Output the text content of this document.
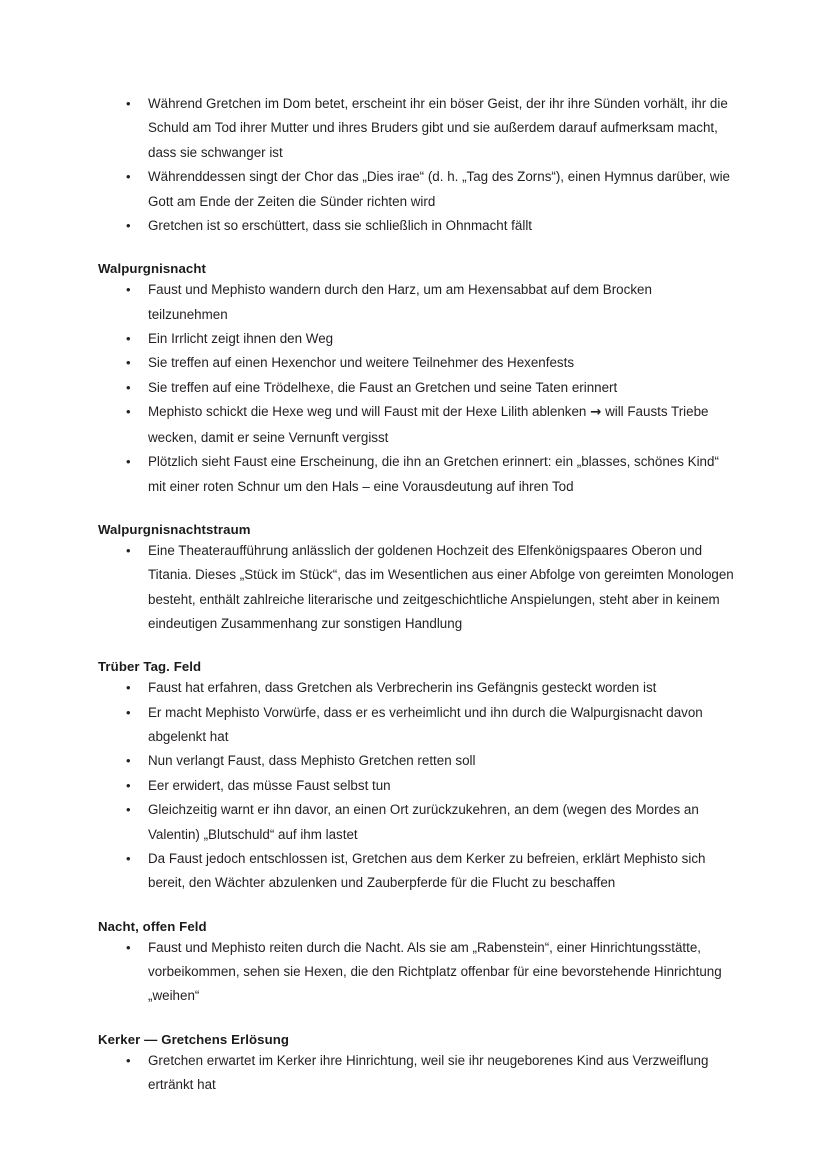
• Während Gretchen im Dom betet, erscheint ihr ein böser Geist, der ihr ihre Sünden vorhält, ihr die Schuld am Tod ihrer Mutter und ihres Bruders gibt und sie außerdem darauf aufmerksam macht, dass sie schwanger ist
• Währenddessen singt der Chor das „Dies irae“ (d. h. „Tag des Zorns“), einen Hymnus darüber, wie Gott am Ende der Zeiten die Sünder richten wird
• Gretchen ist so erschüttert, dass sie schließlich in Ohnmacht fällt
Walpurgnisnacht
• Faust und Mephisto wandern durch den Harz, um am Hexensabbat auf dem Brocken teilzunehmen
• Ein Irrlicht zeigt ihnen den Weg
• Sie treffen auf einen Hexenchor und weitere Teilnehmer des Hexenfests
• Sie treffen auf eine Trödelhexe, die Faust an Gretchen und seine Taten erinnert
• Mephisto schickt die Hexe weg und will Faust mit der Hexe Lilith ablenken → will Fausts Triebe wecken, damit er seine Vernunft vergisst
• Plötzlich sieht Faust eine Erscheinung, die ihn an Gretchen erinnert: ein „blasses, schönes Kind“ mit einer roten Schnur um den Hals – eine Vorausdeutung auf ihren Tod
Walpurgnisnachtstraum
• Eine Theateraufführung anlässlich der goldenen Hochzeit des Elfenkönigspaares Oberon und Titania. Dieses „Stück im Stück“, das im Wesentlichen aus einer Abfolge von gereimten Monologen besteht, enthält zahlreiche literarische und zeitgeschichtliche Anspielungen, steht aber in keinem eindeutigen Zusammenhang zur sonstigen Handlung
Trüber Tag. Feld
• Faust hat erfahren, dass Gretchen als Verbrecherin ins Gefängnis gesteckt worden ist
• Er macht Mephisto Vorwürfe, dass er es verheimlicht und ihn durch die Walpurgisnacht davon abgelenkt hat
• Nun verlangt Faust, dass Mephisto Gretchen retten soll
• Eer erwidert, das müsse Faust selbst tun
• Gleichzeitig warnt er ihn davor, an einen Ort zurückzukehren, an dem (wegen des Mordes an Valentin) „Blutschuld“ auf ihm lastet
• Da Faust jedoch entschlossen ist, Gretchen aus dem Kerker zu befreien, erklärt Mephisto sich bereit, den Wächter abzulenken und Zauberpferde für die Flucht zu beschaffen
Nacht, offen Feld
• Faust und Mephisto reiten durch die Nacht. Als sie am „Rabenstein“, einer Hinrichtungsstätte, vorbeikommen, sehen sie Hexen, die den Richtplatz offenbar für eine bevorstehende Hinrichtung „weihen“
Kerker — Gretchens Erlösung
• Gretchen erwartet im Kerker ihre Hinrichtung, weil sie ihr neugeborenes Kind aus Verzweiflung ertränkt hat
